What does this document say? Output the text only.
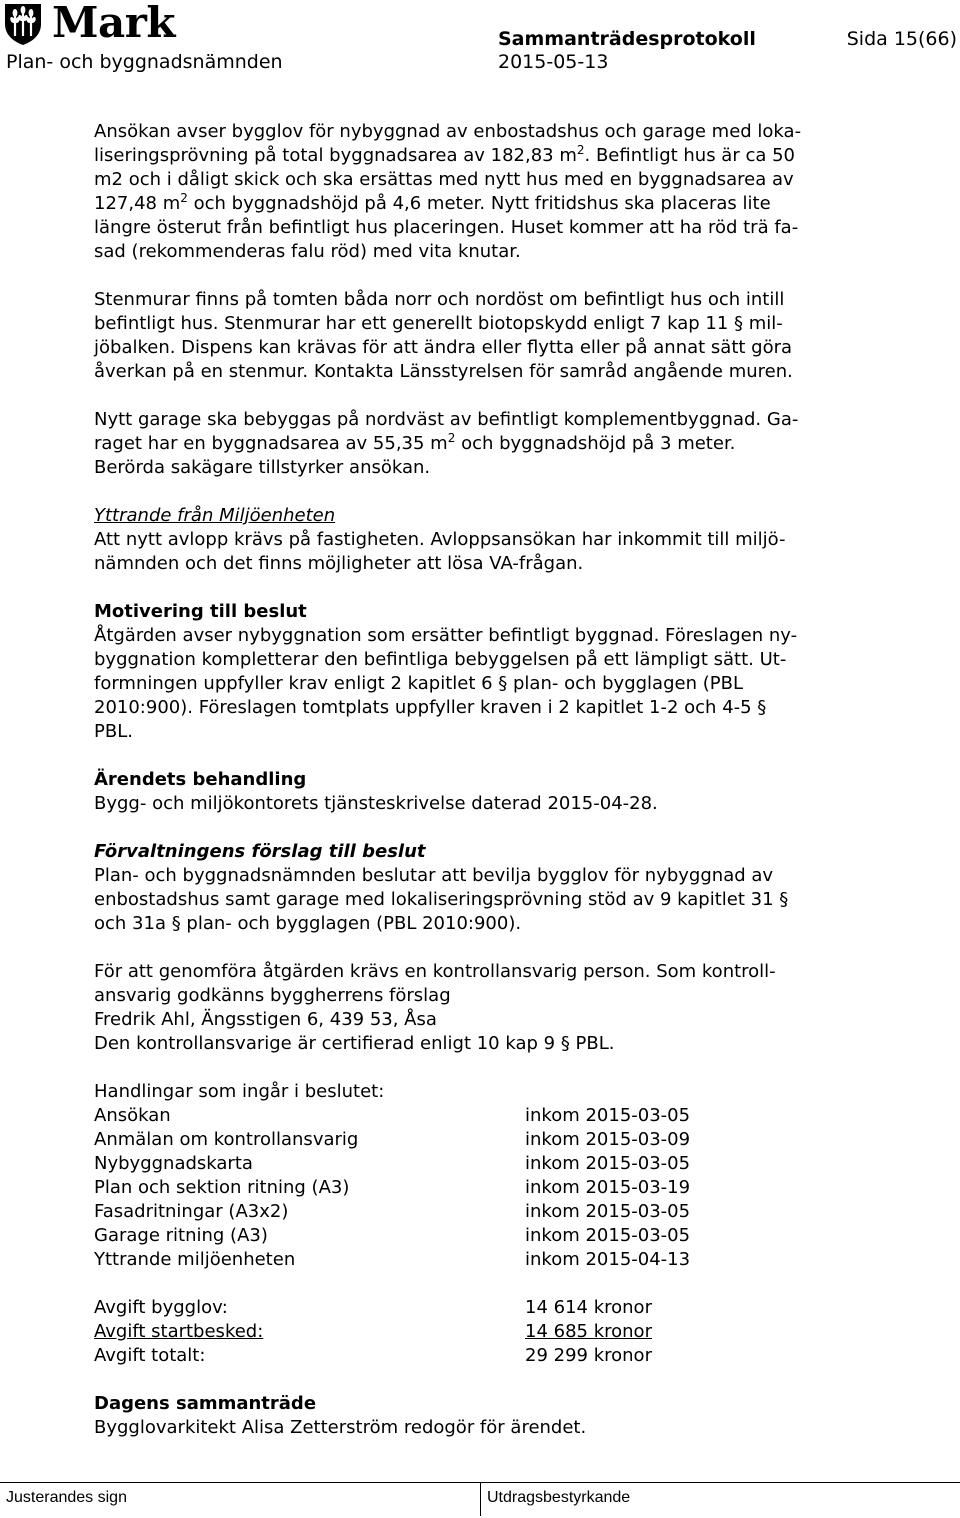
Mark
Plan- och byggnadsnämnden
Sammanträdesprotokoll	Sida 15(66)
2015-05-13

Ansökan avser bygglov för nybyggnad av enbostadshus och garage med loka-
liseringsprövning på total byggnadsarea av 182,83 $m^2$. Befintligt hus är ca 50
m2 och i dåligt skick och ska ersättas med nytt hus med en byggnadsarea av
127,48 $m^2$ och byggnadshöjd på 4,6 meter. Nytt fritidshus ska placeras lite
längre österut från befintligt hus placeringen. Huset kommer att ha röd trä fa-
sad (rekommenderas falu röd) med vita knutar.

Stenmurar finns på tomten båda norr och nordöst om befintligt hus och intill
befintligt hus. Stenmurar har ett generellt biotopskydd enligt 7 kap 11 § mil-
jöbalken. Dispens kan krävas för att ändra eller flytta eller på annat sätt göra
åverkan på en stenmur. Kontakta Länsstyrelsen för samråd angående muren.

Nytt garage ska bebyggas på nordväst av befintligt komplementbyggnad. Ga-
raget har en byggnadsarea av 55,35 $m^2$ och byggnadshöjd på 3 meter.
Berörda sakägare tillstyrker ansökan.

Yttrande från Miljöenheten
Att nytt avlopp krävs på fastigheten. Avloppsansökan har inkommit till miljö-
nämnden och det finns möjligheter att lösa VA-frågan.

Motivering till beslut
Åtgärden avser nybyggnation som ersätter befintligt byggnad. Föreslagen ny-
byggnation kompletterar den befintliga bebyggelsen på ett lämpligt sätt. Ut-
formningen uppfyller krav enligt 2 kapitlet 6 § plan- och bygglagen (PBL
2010:900). Föreslagen tomtplats uppfyller kraven i 2 kapitlet 1-2 och 4-5 §
PBL.

Ärendets behandling
Bygg- och miljökontorets tjänsteskrivelse daterad 2015-04-28.

Förvaltningens förslag till beslut
Plan- och byggnadsnämnden beslutar att bevilja bygglov för nybyggnad av
enbostadshus samt garage med lokaliseringsprövning stöd av 9 kapitlet 31 §
och 31a § plan- och bygglagen (PBL 2010:900).

För att genomföra åtgärden krävs en kontrollansvarig person. Som kontroll-
ansvarig godkänns byggherrens förslag
Fredrik Ahl, Ängsstigen 6, 439 53, Åsa
Den kontrollansvarige är certifierad enligt 10 kap 9 § PBL.

Handlingar som ingår i beslutet:

Ansökan	inkom 2015-03-05
Anmälan om kontrollansvarig	inkom 2015-03-09
Nybyggnadskarta	inkom 2015-03-05
Plan och sektion ritning (A3)	inkom 2015-03-19
Fasadritningar (A3x2)	inkom 2015-03-05
Garage ritning (A3)	inkom 2015-03-05
Yttrande miljöenheten	inkom 2015-04-13
Avgift bygglov:	14 614 kronor
Avgift startbesked:	14 685 kronor
Avgift totalt:	29 299 kronor

Dagens sammanträde
Bygglovarkitekt Alisa Zetterström redogör för ärendet.

Justerandes sign	Utdragsbestyrkande
